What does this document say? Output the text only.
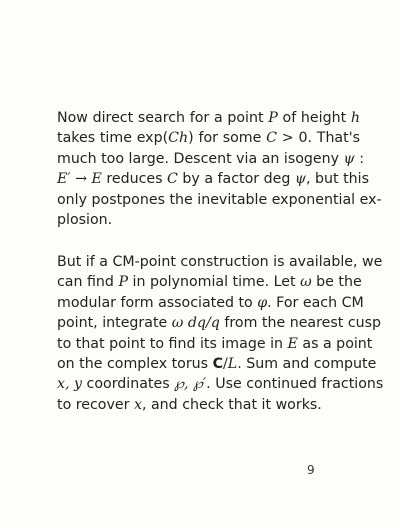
Now direct search for a point P of height h
takes time exp(Ch) for some C > 0. That's
much too large. Descent via an isogeny ψ :
E′ → E reduces C by a factor deg ψ, but this
only postpones the inevitable exponential ex-
plosion.
But if a CM-point construction is available, we
can find P in polynomial time. Let ω be the
modular form associated to φ. For each CM
point, integrate ω dq/q from the nearest cusp
to that point to find its image in E as a point
on the complex torus C/L. Sum and compute
x, y coordinates ℘, ℘′. Use continued fractions
to recover x, and check that it works.
9
